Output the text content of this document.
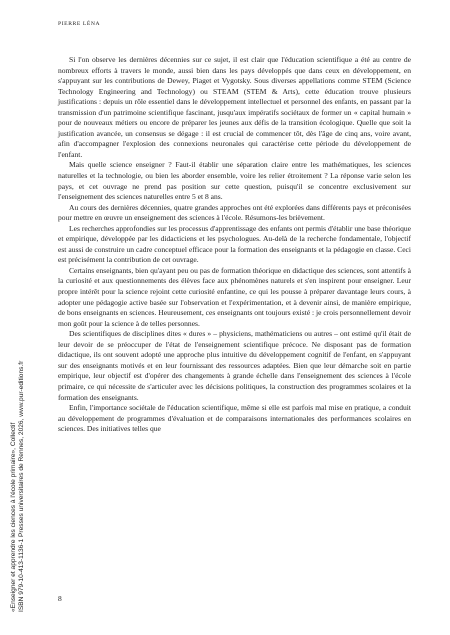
PIERRE LÉNA

Si l'on observe les dernières décennies sur ce sujet, il est clair que l'éducation scientifique a été au centre de nombreux efforts à travers le monde, aussi bien dans les pays développés que dans ceux en développement, en s'appuyant sur les contributions de Dewey, Piaget et Vygotsky. Sous diverses appellations comme STEM (Science Technology Engineering and Technology) ou STEAM (STEM & Arts), cette éducation trouve plusieurs justifications : depuis un rôle essentiel dans le développement intellectuel et personnel des enfants, en passant par la transmission d'un patrimoine scientifique fascinant, jusqu'aux impératifs sociétaux de former un « capital humain » pour de nouveaux métiers ou encore de préparer les jeunes aux défis de la transition écologique. Quelle que soit la justification avancée, un consensus se dégage : il est crucial de commencer tôt, dès l'âge de cinq ans, voire avant, afin d'accompagner l'explosion des connexions neuronales qui caractérise cette période du développement de l'enfant.

Mais quelle science enseigner ? Faut-il établir une séparation claire entre les mathématiques, les sciences naturelles et la technologie, ou bien les aborder ensemble, voire les relier étroitement ? La réponse varie selon les pays, et cet ouvrage ne prend pas position sur cette question, puisqu'il se concentre exclusivement sur l'enseignement des sciences naturelles entre 5 et 8 ans.

Au cours des dernières décennies, quatre grandes approches ont été explorées dans différents pays et préconisées pour mettre en œuvre un enseignement des sciences à l'école. Résumons-les brièvement.

Les recherches approfondies sur les processus d'apprentissage des enfants ont permis d'établir une base théorique et empirique, développée par les didacticiens et les psychologues. Au-delà de la recherche fondamentale, l'objectif est aussi de construire un cadre conceptuel efficace pour la formation des enseignants et la pédagogie en classe. Ceci est précisément la contribution de cet ouvrage.

Certains enseignants, bien qu'ayant peu ou pas de formation théorique en didactique des sciences, sont attentifs à la curiosité et aux questionnements des élèves face aux phénomènes naturels et s'en inspirent pour enseigner. Leur propre intérêt pour la science rejoint cette curiosité enfantine, ce qui les pousse à préparer davantage leurs cours, à adopter une pédagogie active basée sur l'observation et l'expérimentation, et à devenir ainsi, de manière empirique, de bons enseignants en sciences. Heureusement, ces enseignants ont toujours existé : je crois personnellement devoir mon goût pour la science à de telles personnes.

Des scientifiques de disciplines dites « dures » – physiciens, mathématiciens ou autres – ont estimé qu'il était de leur devoir de se préoccuper de l'état de l'enseignement scientifique précoce. Ne disposant pas de formation didactique, ils ont souvent adopté une approche plus intuitive du développement cognitif de l'enfant, en s'appuyant sur des enseignants motivés et en leur fournissant des ressources adaptées. Bien que leur démarche soit en partie empirique, leur objectif est d'opérer des changements à grande échelle dans l'enseignement des sciences à l'école primaire, ce qui nécessite de s'articuler avec les décisions politiques, la construction des programmes scolaires et la formation des enseignants.

Enfin, l'importance sociétale de l'éducation scientifique, même si elle est parfois mal mise en pratique, a conduit au développement de programmes d'évaluation et de comparaisons internationales des performances scolaires en sciences. Des initiatives telles que

«Enseigner et apprendre les ciences à l'école primaire», Collectif
ISBN 979-10-413-1136-1 Presses universitaires de Rennes, 2026, www.pur-editions.fr
8
